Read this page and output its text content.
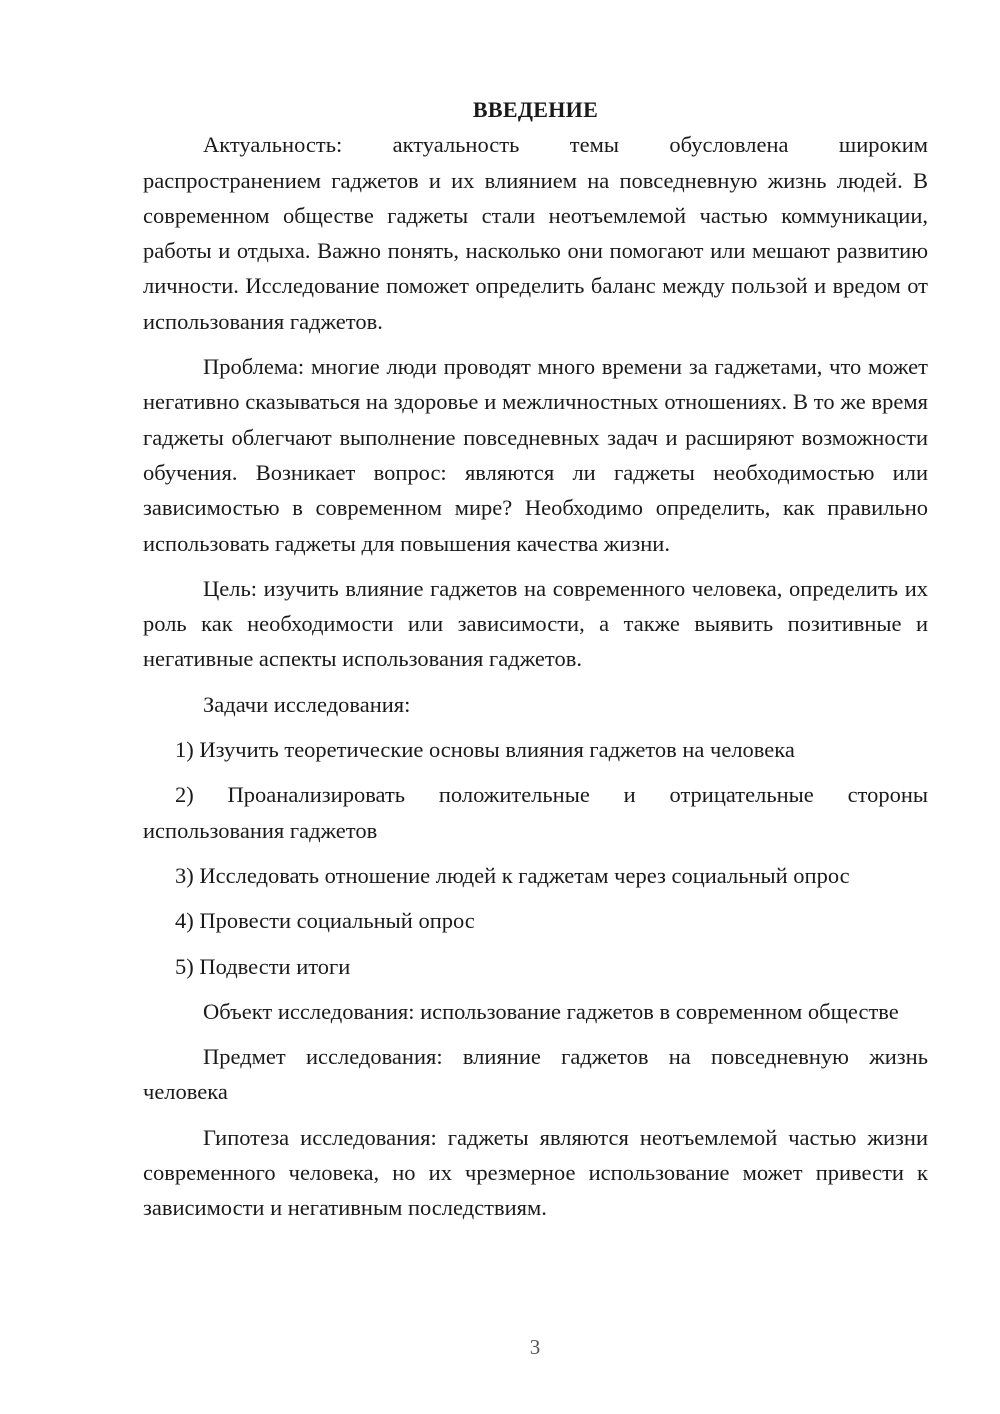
ВВЕДЕНИЕ

Актуальность: актуальность темы обусловлена широким распространением гаджетов и их влиянием на повседневную жизнь людей. В современном обществе гаджеты стали неотъемлемой частью коммуникации, работы и отдыха. Важно понять, насколько они помогают или мешают развитию личности. Исследование поможет определить баланс между пользой и вредом от использования гаджетов.

Проблема: многие люди проводят много времени за гаджетами, что может негативно сказываться на здоровье и межличностных отношениях. В то же время гаджеты облегчают выполнение повседневных задач и расширяют возможности обучения. Возникает вопрос: являются ли гаджеты необходимостью или зависимостью в современном мире? Необходимо определить, как правильно использовать гаджеты для повышения качества жизни.

Цель: изучить влияние гаджетов на современного человека, определить их роль как необходимости или зависимости, а также выявить позитивные и негативные аспекты использования гаджетов.

Задачи исследования:

1) Изучить теоретические основы влияния гаджетов на человека

2) Проанализировать положительные и отрицательные стороны использования гаджетов

3) Исследовать отношение людей к гаджетам через социальный опрос

4) Провести социальный опрос

5) Подвести итоги

Объект исследования: использование гаджетов в современном обществе

Предмет исследования: влияние гаджетов на повседневную жизнь человека

Гипотеза исследования: гаджеты являются неотъемлемой частью жизни современного человека, но их чрезмерное использование может привести к зависимости и негативным последствиям.

3
